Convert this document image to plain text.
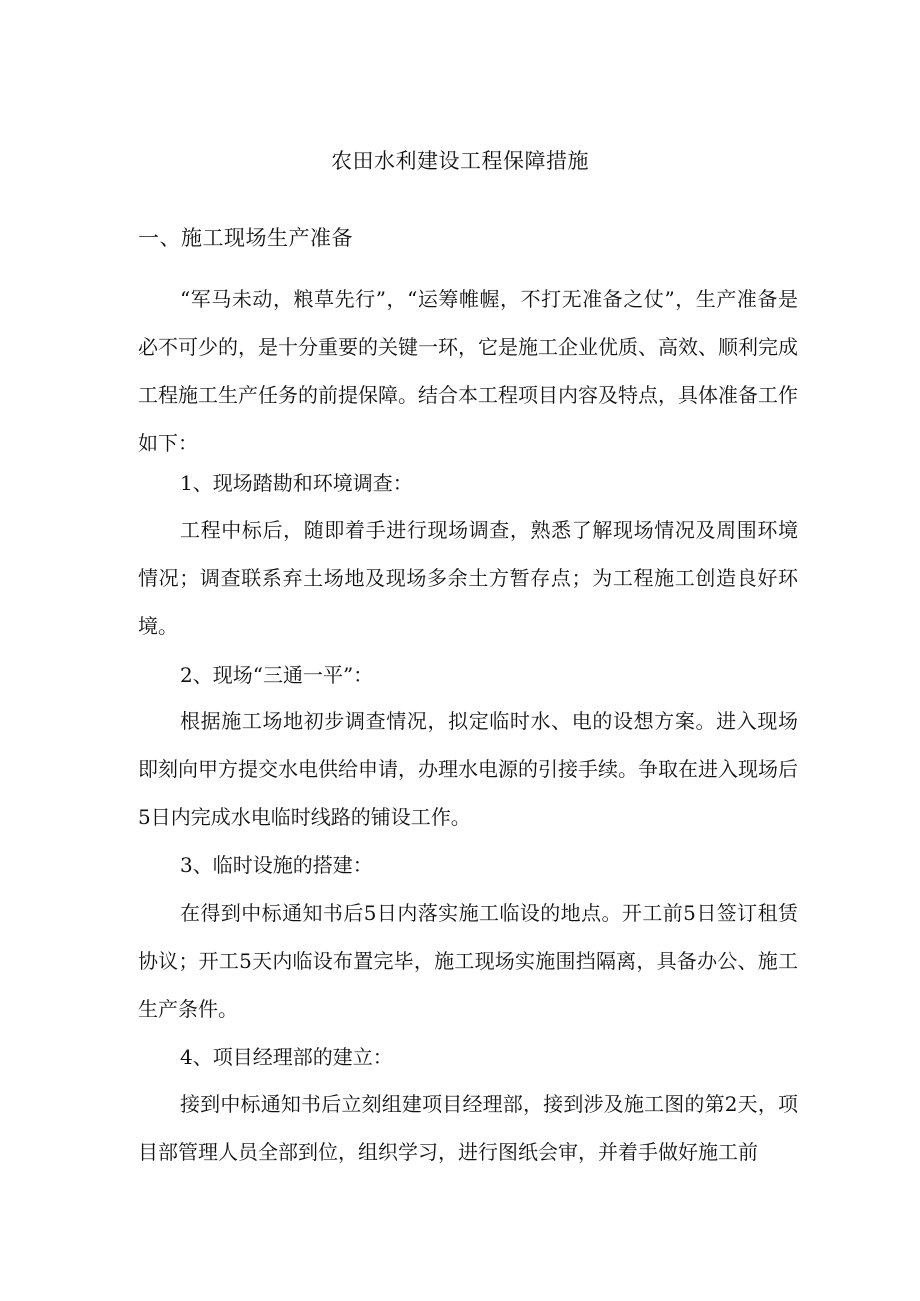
农田水利建设工程保障措施
一、施工现场生产准备

“军马未动，粮草先行”，“运筹帷幄，不打无准备之仗”，生产准备是必不可少的，是十分重要的关键一环，它是施工企业优质、高效、顺利完成工程施工生产任务的前提保障。结合本工程项目内容及特点，具体准备工作如下：

1、现场踏勘和环境调查：

工程中标后，随即着手进行现场调查，熟悉了解现场情况及周围环境情况；调查联系弃土场地及现场多余土方暂存点；为工程施工创造良好环境。

2、现场“三通一平”：

根据施工场地初步调查情况，拟定临时水、电的设想方案。进入现场即刻向甲方提交水电供给申请，办理水电源的引接手续。争取在进入现场后5日内完成水电临时线路的铺设工作。

3、临时设施的搭建：

在得到中标通知书后5日内落实施工临设的地点。开工前5日签订租赁协议；开工5天内临设布置完毕，施工现场实施围挡隔离，具备办公、施工生产条件。

4、项目经理部的建立：

接到中标通知书后立刻组建项目经理部，接到涉及施工图的第2天，项目部管理人员全部到位，组织学习，进行图纸会审，并着手做好施工前
